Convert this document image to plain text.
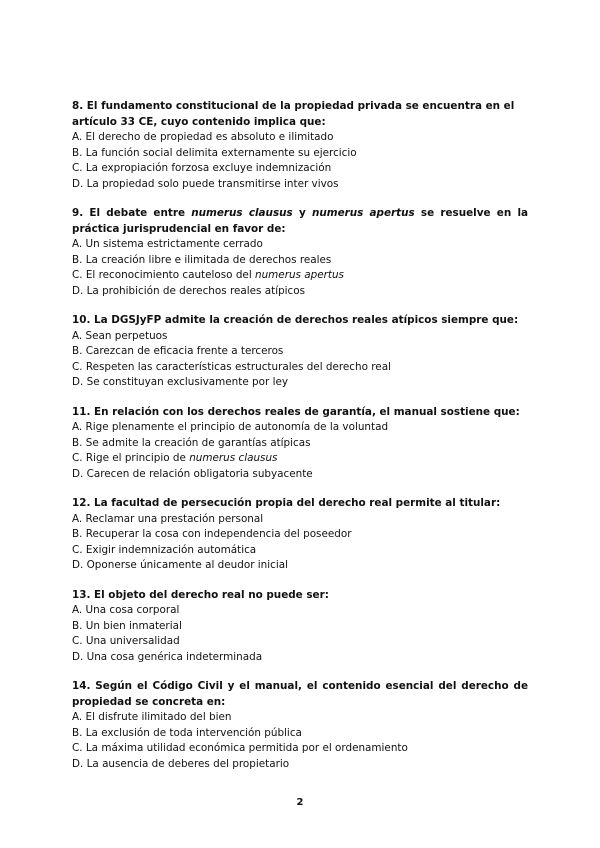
8. El fundamento constitucional de la propiedad privada se encuentra en el artículo 33 CE, cuyo contenido implica que:

A. El derecho de propiedad es absoluto e ilimitado

B. La función social delimita externamente su ejercicio

C. La expropiación forzosa excluye indemnización

D. La propiedad solo puede transmitirse inter vivos

9. El debate entre numerus clausus y numerus apertus se resuelve en la práctica jurisprudencial en favor de:

A. Un sistema estrictamente cerrado

B. La creación libre e ilimitada de derechos reales

C. El reconocimiento cauteloso del numerus apertus

D. La prohibición de derechos reales atípicos

10. La DGSJyFP admite la creación de derechos reales atípicos siempre que:

A. Sean perpetuos

B. Carezcan de eficacia frente a terceros

C. Respeten las características estructurales del derecho real

D. Se constituyan exclusivamente por ley

11. En relación con los derechos reales de garantía, el manual sostiene que:

A. Rige plenamente el principio de autonomía de la voluntad

B. Se admite la creación de garantías atípicas

C. Rige el principio de numerus clausus

D. Carecen de relación obligatoria subyacente

12. La facultad de persecución propia del derecho real permite al titular:

A. Reclamar una prestación personal

B. Recuperar la cosa con independencia del poseedor

C. Exigir indemnización automática

D. Oponerse únicamente al deudor inicial

13. El objeto del derecho real no puede ser:

A. Una cosa corporal

B. Un bien inmaterial

C. Una universalidad

D. Una cosa genérica indeterminada

14. Según el Código Civil y el manual, el contenido esencial del derecho de propiedad se concreta en:

A. El disfrute ilimitado del bien

B. La exclusión de toda intervención pública

C. La máxima utilidad económica permitida por el ordenamiento

D. La ausencia de deberes del propietario

2
